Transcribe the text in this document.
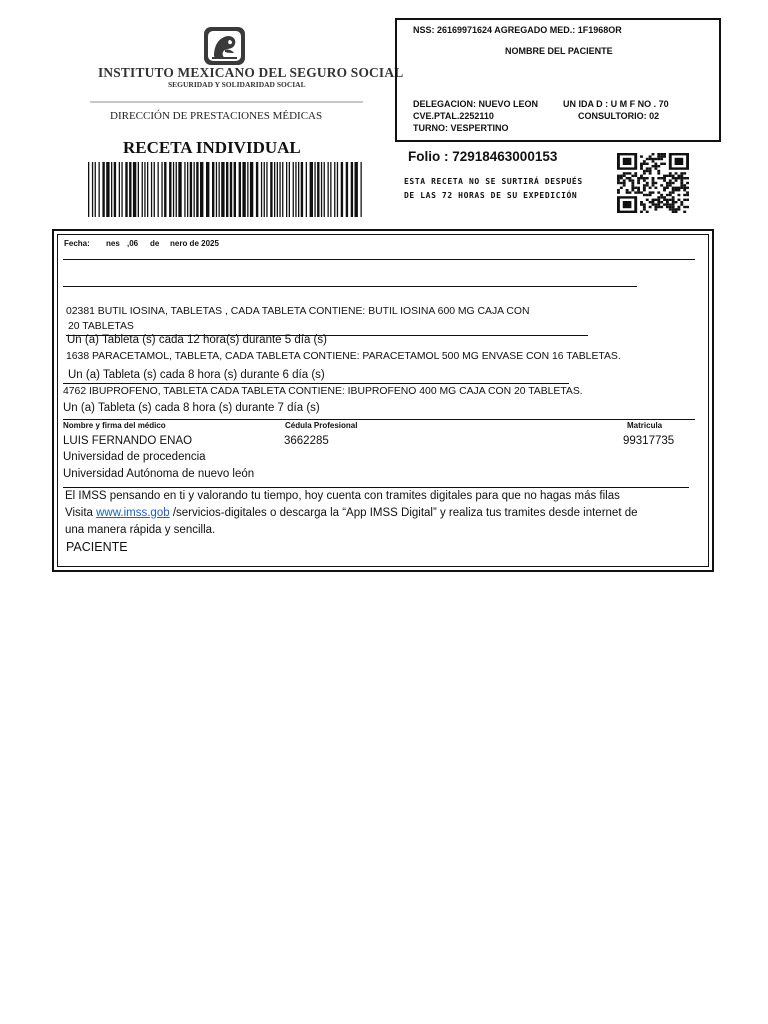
INSTITUTO MEXICANO DEL SEGURO SOCIAL
SEGURIDAD Y SOLIDARIDAD SOCIAL
DIRECCIÓN DE PRESTACIONES MÉDICAS
RECETA INDIVIDUAL
NSS: 26169971624 AGREGADO MED.: 1F1968OR
NOMBRE DEL PACIENTE
DELEGACION: NUEVO LEON	UN IDA D : U M F NO . 70
CVE.PTAL.2252110	CONSULTORIO: 02
TURNO: VESPERTINO
Folio : 72918463000153
ESTA RECETA NO SE SURTIRÁ DESPUÉS
DE LAS 72 HORAS DE SU EXPEDICIÓN
Fecha: nes ,06 de nero de 2025
02381 BUTIL IOSINA, TABLETAS , CADA TABLETA CONTIENE: BUTIL IOSINA 600 MG CAJA CON
20 TABLETAS
Un (a) Tableta (s) cada 12 hora(s) durante 5 día (s)
1638 PARACETAMOL, TABLETA, CADA TABLETA CONTIENE: PARACETAMOL 500 MG ENVASE CON 16 TABLETAS.
Un (a) Tableta (s) cada 8 hora (s) durante 6 día (s)
4762 IBUPROFENO, TABLETA CADA TABLETA CONTIENE: IBUPROFENO 400 MG CAJA CON 20 TABLETAS.
Un (a) Tableta (s) cada 8 hora (s) durante 7 día (s)
Nombre y firma del médico	Cédula Profesional	Matricula
LUIS FERNANDO ENAO	3662285	99317735
Universidad de procedencia
Universidad Autónoma de nuevo león
El IMSS pensando en ti y valorando tu tiempo, hoy cuenta con tramites digitales para que no hagas más filas
Visita www.imss.gob /servicios-digitales o descarga la “App IMSS Digital” y realiza tus tramites desde internet de
una manera rápida y sencilla.
PACIENTE
